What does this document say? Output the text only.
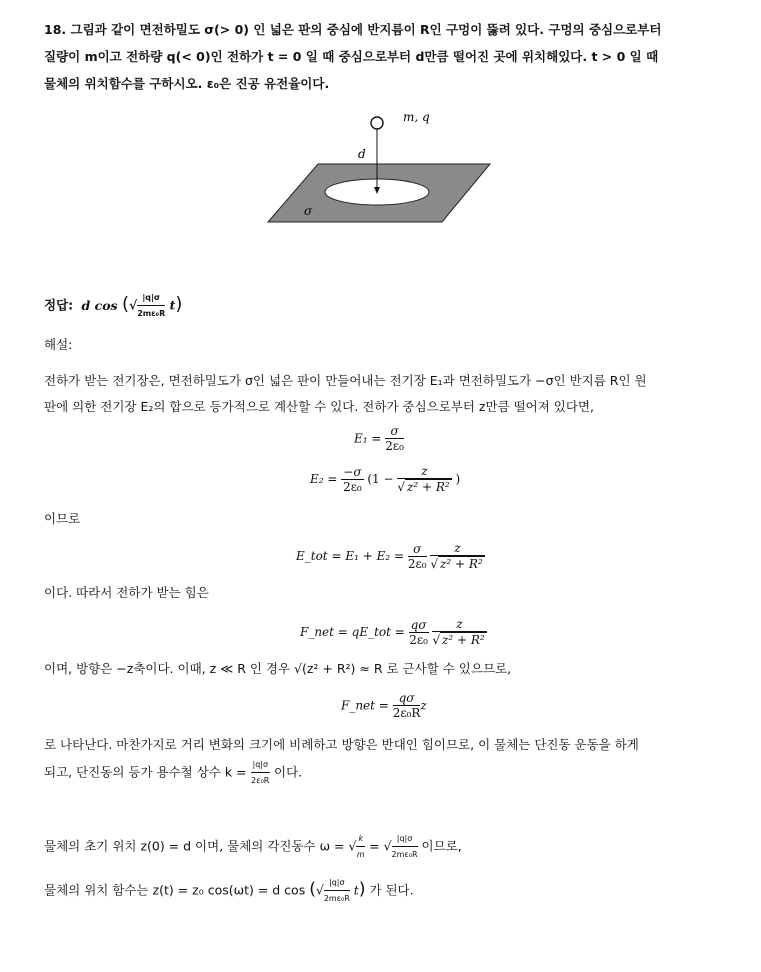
18. 그림과 같이 면전하밀도 σ(> 0) 인 넓은 판의 중심에 반지름이 R인 구멍이 뚫려 있다. 구멍의 중심으로부터
질량이 m이고 전하량 q(< 0)인 전하가 t = 0 일 때 중심으로부터 d만큼 떨어진 곳에 위치해있다. t > 0 일 때
물체의 위치함수를 구하시오. ε₀은 진공 유전율이다.
m, q
d
σ
정답: d cos (√ $\frac{|q|\sigma}{\text{2mε₀R}} t$)
해설:
전하가 받는 전기장은, 면전하밀도가 σ인 넓은 판이 만들어내는 전기장 E₁과 면전하밀도가 −σ인 반지름 R인 원
판에 의한 전기장 E₂의 합으로 등가적으로 계산할 수 있다. 전하가 중심으로부터 z만큼 떨어져 있다면,
$E_1 = \frac{\sigma}{\text{2ε₀}}$
$E_2 = \frac{-\sigma}{\text{2ε₀}} (1 - \frac{z}{\text{√ z² + R²}}$ )
이므로
E_tot = $E_1 + E_2 = \frac{\sigma}{\text{2ε₀}}$
$\frac{z}{\text{√ z² + R²}}$
이다. 따라서 전하가 받는 힘은
F_net = qE_tot = $\frac{q\sigma}{\text{2ε₀}}$
$\frac{z}{\text{√ z² + R²}}$
이며, 방향은 −z축이다. 이때, z ≪ R 인 경우 √(z² + R²) ≈ R 로 근사할 수 있으므로,
F_net = $\frac{q\sigma}{\text{2ε₀R}}$ z
로 나타난다. 마찬가지로 거리 변화의 크기에 비례하고 방향은 반대인 힘이므로, 이 물체는 단진동 운동을 하게
되고, 단진동의 등가 용수철 상수 $k = \frac{|q|\sigma}{\text{2ε₀R}}$ 이다.
물체의 초기 위치 z(0) = d 이며, 물체의 각진동수 ω = √ $\frac{k}{m}$ = √ $\frac{|q|\sigma}{\text{2mε₀R}}$ 이므로,
물체의 위치 함수는 z(t) = z₀ cos(ωt) = d cos (√ $\frac{|q|\sigma}{\text{2mε₀R}} t$) 가 된다.
